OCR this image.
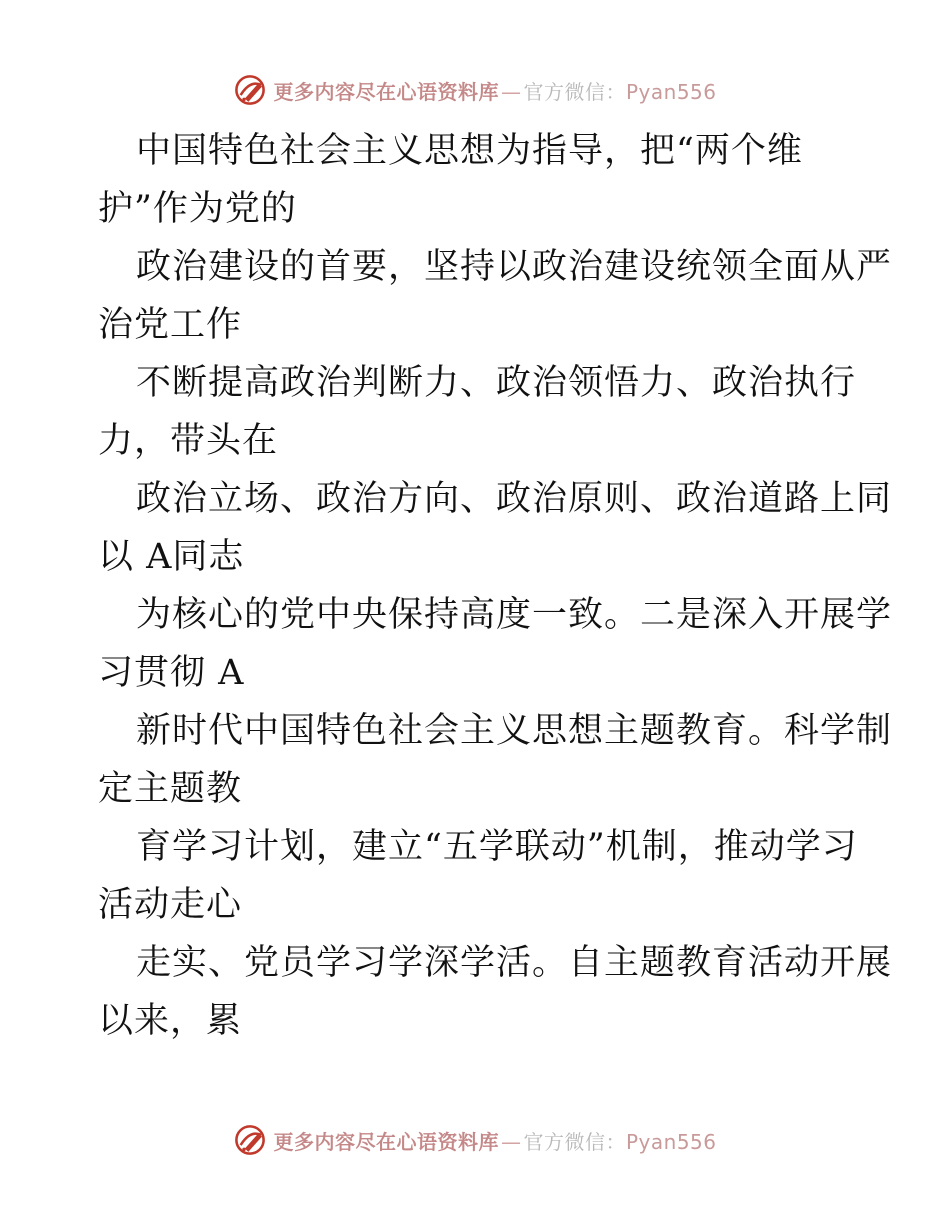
更多内容尽在心语资料库 — 官方微信：Pyan556
中国特色社会主义思想为指导，把“两个维
护”作为党的
政治建设的首要，坚持以政治建设统领全面从严
治党工作
不断提高政治判断力、政治领悟力、政治执行
力，带头在
政治立场、政治方向、政治原则、政治道路上同
以 A同志
为核心的党中央保持高度一致。二是深入开展学
习贯彻 A
新时代中国特色社会主义思想主题教育。科学制
定主题教
育学习计划，建立“五学联动”机制，推动学习
活动走心
走实、党员学习学深学活。自主题教育活动开展
以来，累
更多内容尽在心语资料库 — 官方微信：Pyan556
